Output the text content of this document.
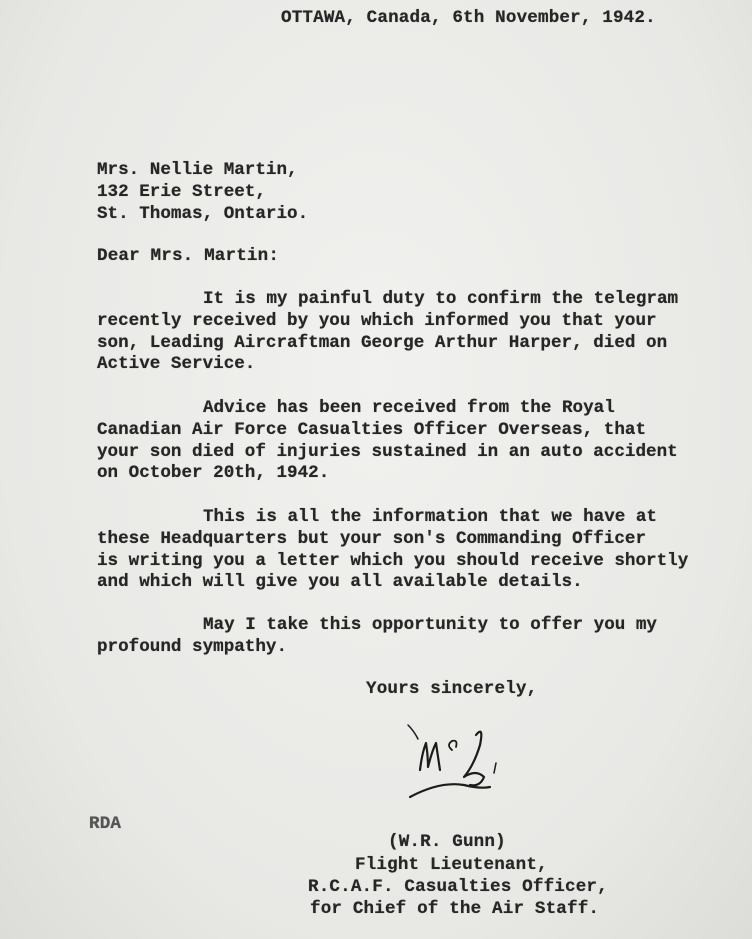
OTTAWA, Canada, 6th November, 1942.
Mrs. Nellie Martin,
132 Erie Street,
St. Thomas, Ontario.
Dear Mrs. Martin:
It is my painful duty to confirm the telegram
recently received by you which informed you that your
son, Leading Aircraftman George Arthur Harper, died on
Active Service.
Advice has been received from the Royal
Canadian Air Force Casualties Officer Overseas, that
your son died of injuries sustained in an auto accident
on October 20th, 1942.
This is all the information that we have at
these Headquarters but your son's Commanding Officer
is writing you a letter which you should receive shortly
and which will give you all available details.
May I take this opportunity to offer you my
profound sympathy.
Yours sincerely,
RDA
(W.R. Gunn)
Flight Lieutenant,
R.C.A.F. Casualties Officer,
for Chief of the Air Staff.
